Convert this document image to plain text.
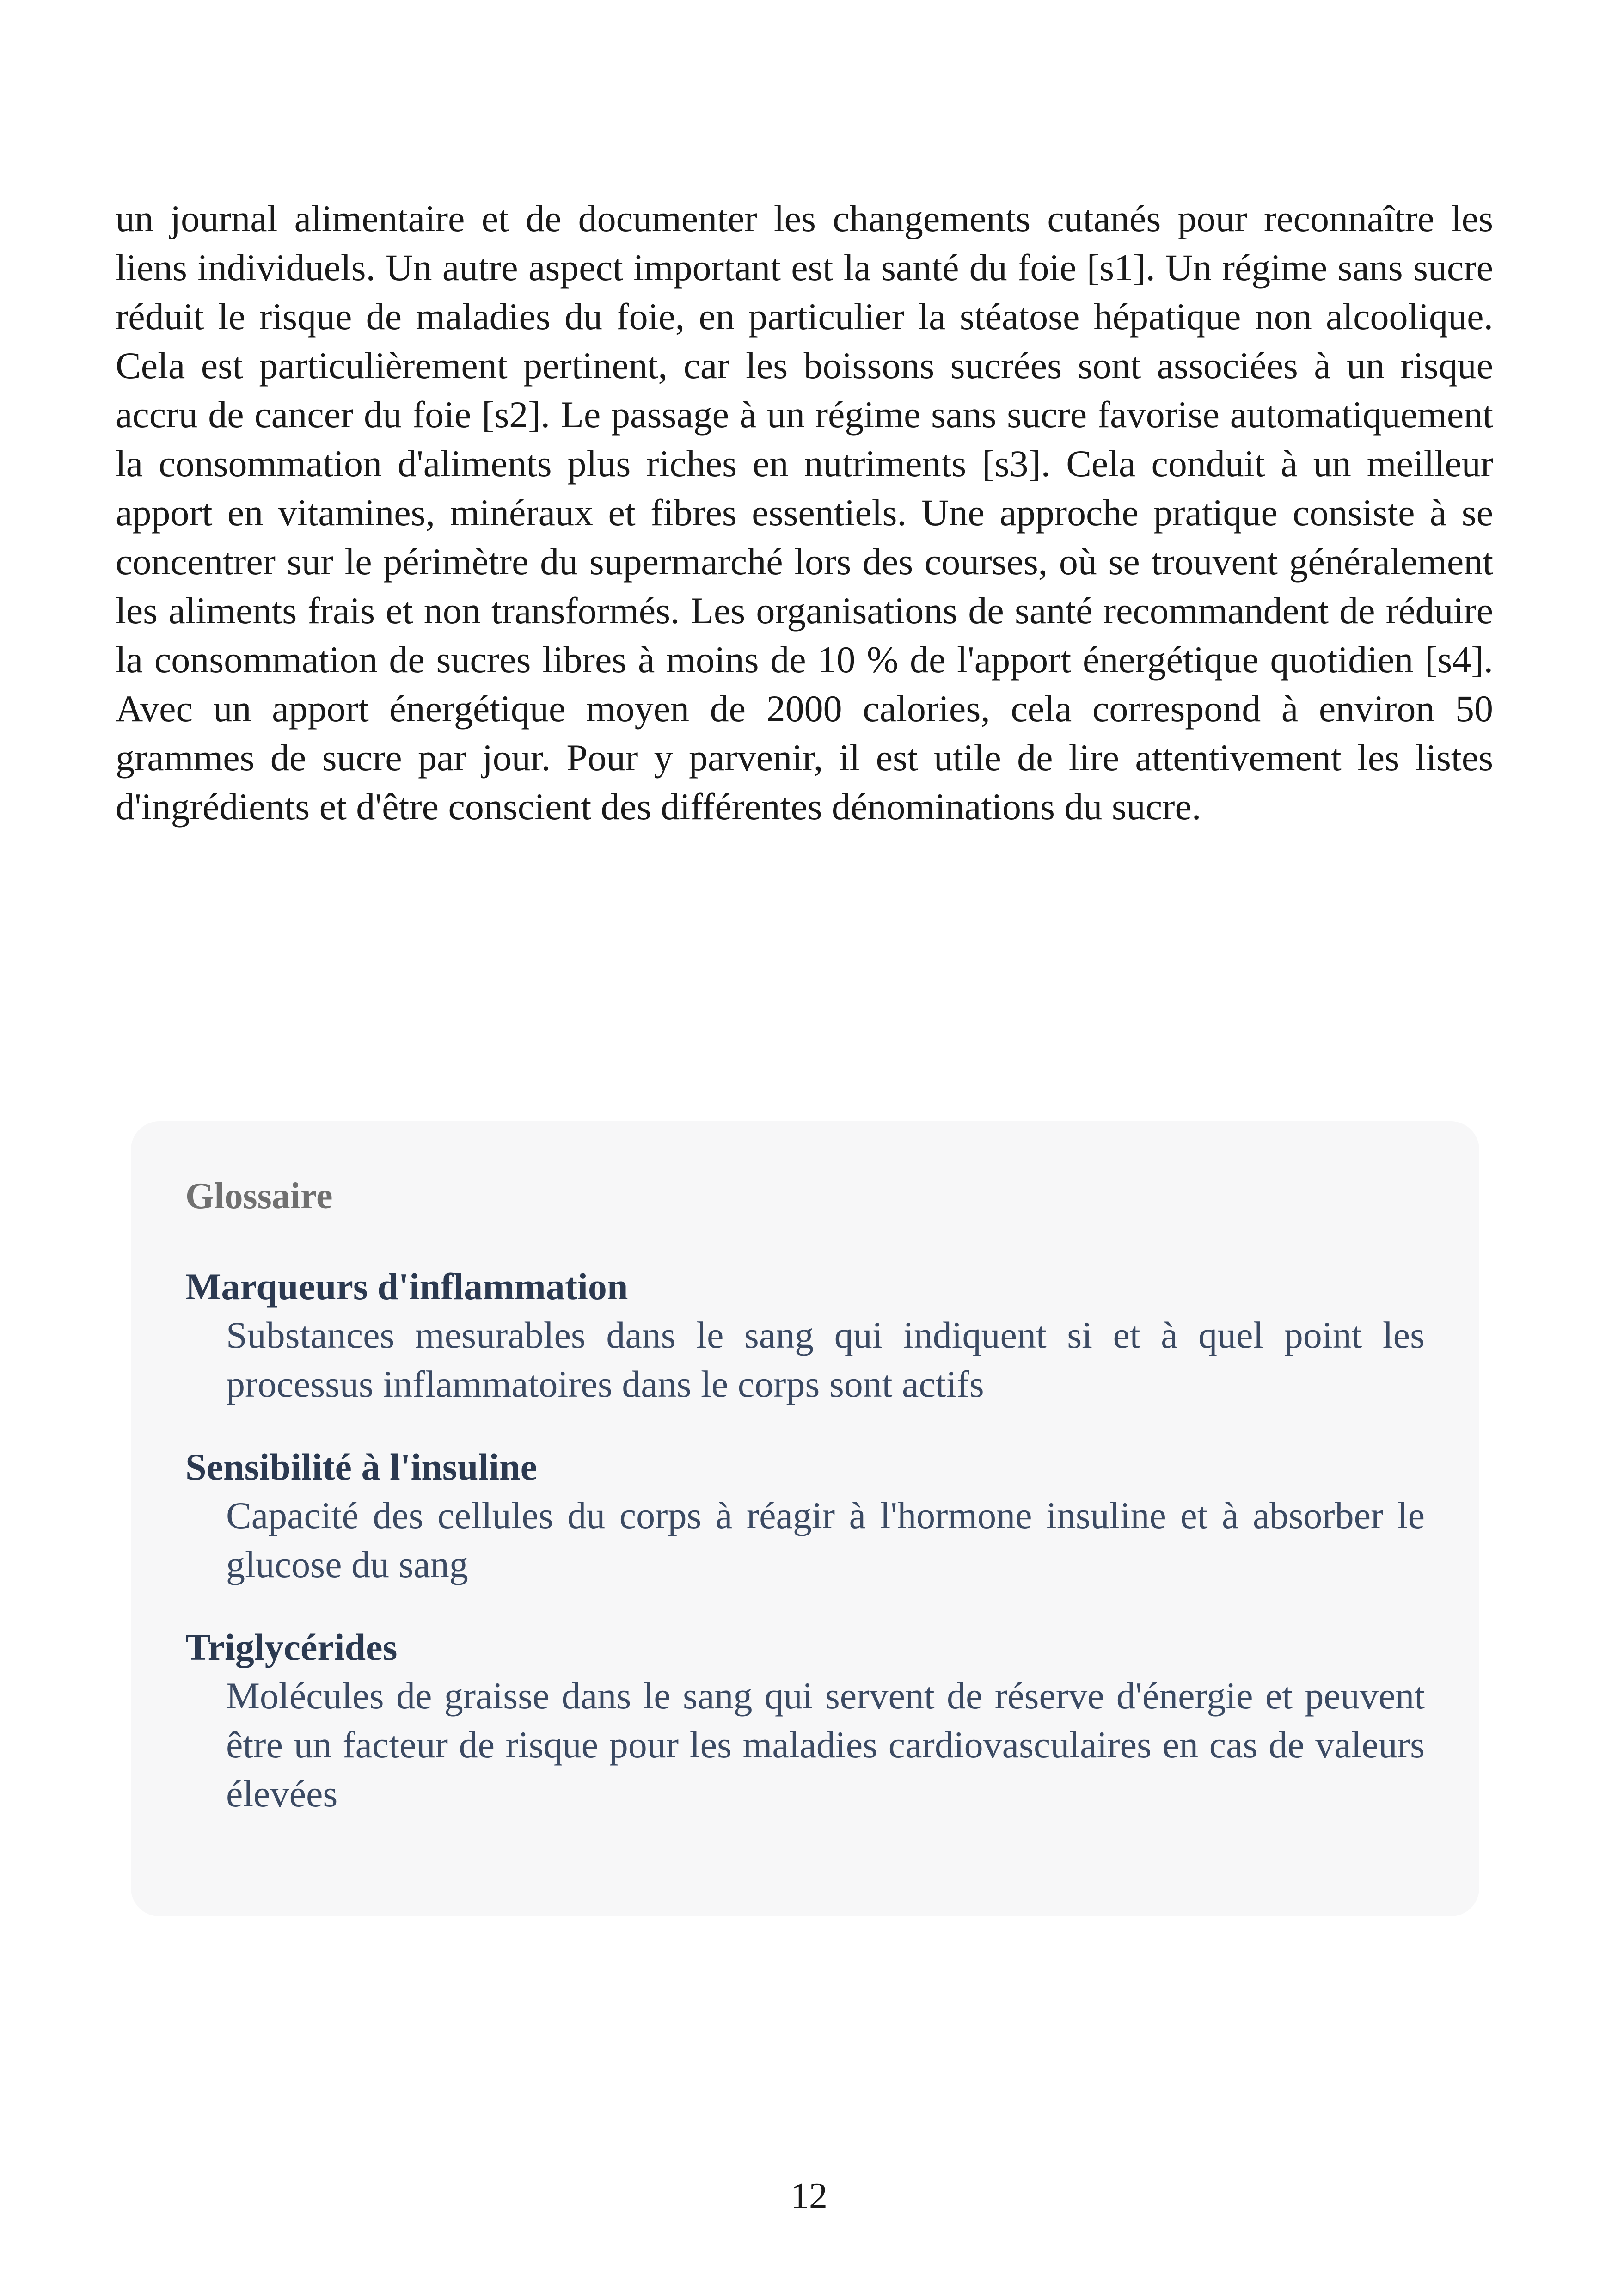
un journal alimentaire et de documenter les changements cutanés pour reconnaître les liens individuels. Un autre aspect important est la santé du foie [s1]. Un régime sans sucre réduit le risque de maladies du foie, en particulier la stéatose hépatique non alcoolique. Cela est particulièrement pertinent, car les boissons sucrées sont associées à un risque accru de cancer du foie [s2]. Le passage à un régime sans sucre favorise automatiquement la consommation d'aliments plus riches en nutriments [s3]. Cela conduit à un meilleur apport en vitamines, minéraux et fibres essentiels. Une approche pratique consiste à se concentrer sur le périmètre du supermarché lors des courses, où se trouvent généralement les aliments frais et non transformés. Les organisations de santé recommandent de réduire la consommation de sucres libres à moins de 10 % de l'apport énergétique quotidien [s4]. Avec un apport énergétique moyen de 2000 calories, cela correspond à environ 50 grammes de sucre par jour. Pour y parvenir, il est utile de lire attentivement les listes d'ingrédients et d'être conscient des différentes dénominations du sucre.

Glossaire
Marqueurs d'inflammation
Substances mesurables dans le sang qui indiquent si et à quel point les processus inflammatoires dans le corps sont actifs
Sensibilité à l'insuline
Capacité des cellules du corps à réagir à l'hormone insuline et à absorber le glucose du sang
Triglycérides
Molécules de graisse dans le sang qui servent de réserve d'énergie et peuvent être un facteur de risque pour les maladies cardiovasculaires en cas de valeurs élevées
12
